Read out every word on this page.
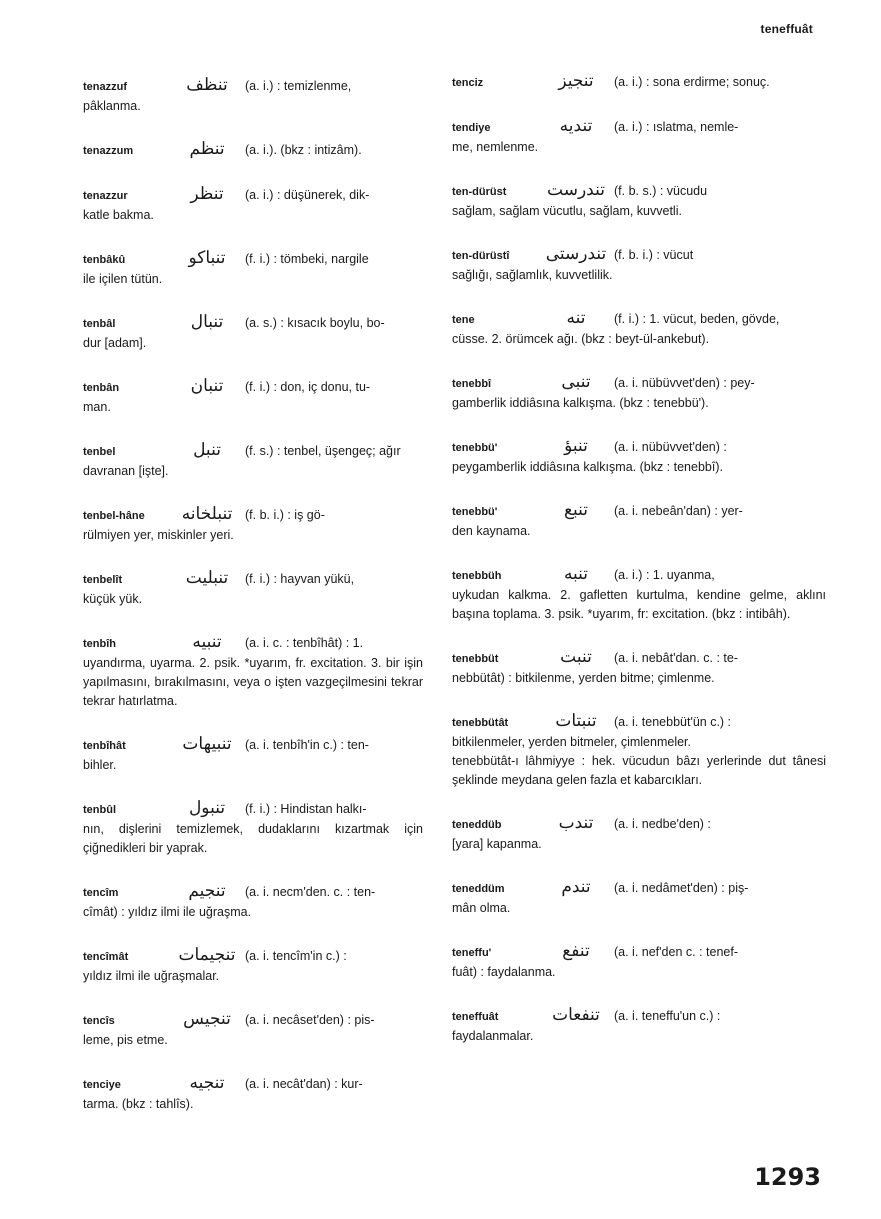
teneffuât
tenazzuf	تنظف	(a. i.) : temizlenme,
pâklanma.
tenazzum	تنظم	(a. i.). (bkz : intizâm).
tenazzur	تنظر	(a. i.) : düşünerek, dik-
katle bakma.
tenbâkû	تنباكو	(f. i.) : tömbeki, nargile
ile içilen tütün.
tenbâl	تنبال	(a. s.) : kısacık boylu, bo-
dur [adam].
tenbân	تنبان	(f. i.) : don, iç donu, tu-
man.
tenbel	تنبل	(f. s.) : tenbel, üşengeç; ağır
davranan [işte].
tenbel-hâne	تنبلخانه	(f. b. i.) : iş gö-
rülmiyen yer, miskinler yeri.
tenbelît	تنبليت	(f. i.) : hayvan yükü,
küçük yük.
tenbîh	تنبيه	(a. i. c. : tenbîhât) : 1.
uyandırma, uyarma. 2. psik. *uyarım, fr. excitation. 3. bir işin yapılmasını, bırakılmasını, veya o işten vazgeçilmesini tekrar tekrar hatırlatma.
tenbîhât	تنبيهات	(a. i. tenbîh'in c.) : ten-
bihler.
tenbûl	تنبول	(f. i.) : Hindistan halkı-
nın, dişlerini temizlemek, dudaklarını kızartmak için çiğnedikleri bir yaprak.
tencîm	تنجيم	(a. i. necm'den. c. : ten-
cîmât) : yıldız ilmi ile uğraşma.
tencîmât	تنجيمات (a. i. tencîm'in c.) :
yıldız ilmi ile uğraşmalar.
tencîs	تنجيس	(a. i. necâset'den) : pis-
leme, pis etme.
tenciye	تنجيه	(a. i. necât'dan) : kur-
tarma. (bkz : tahlîs).
tenciz	تنجيز	(a. i.) : sona erdirme; sonuç.
tendiye	تنديه	(a. i.) : ıslatma, nemle-
me, nemlenme.
ten-dürüst	تندرست (f. b. s.) : vücudu
sağlam, sağlam vücutlu, sağlam, kuvvetli.
ten-dürüstî	تندرستى (f. b. i.) : vücut
sağlığı, sağlamlık, kuvvetlilik.
tene	تنه	(f. i.) : 1. vücut, beden, gövde,
cüsse. 2. örümcek ağı. (bkz : beyt-ül-ankebut).
tenebbî	تنبى	(a. i. nübüvvet'den) : pey-
gamberlik iddiâsına kalkışma. (bkz : tenebbü').
tenebbü'	تنبؤ	(a. i. nübüvvet'den) :
peygamberlik iddiâsına kalkışma. (bkz : tenebbî).
tenebbü'	تنبع	(a. i. nebeân'dan) : yer-
den kaynama.
tenebbüh	تنبه	(a. i.) : 1. uyanma,
uykudan kalkma. 2. gafletten kurtulma, kendine gelme, aklını başına toplama. 3. psik. *uyarım, fr: excitation. (bkz : intibâh).
tenebbüt	تنبت	(a. i. nebât'dan. c. : te-
nebbütât) : bitkilenme, yerden bitme; çimlenme.
tenebbütât	تنبتات	(a. i. tenebbüt'ün c.) :
bitkilenmeler, yerden bitmeler, çimlenmeler.
tenebbütât-ı lâhmiyye : hek. vücudun bâzı yerlerinde dut tânesi şeklinde meydana gelen fazla et kabarcıkları.
teneddüb	تندب	(a. i. nedbe'den) :
[yara] kapanma.
teneddüm	تندم	(a. i. nedâmet'den) : piş-
mân olma.
teneffu'	تنفع	(a. i. nef'den c. : tenef-
fuât) : faydalanma.
teneffuât	تنفعات	(a. i. teneffu'un c.) :
faydalanmalar.
1293
